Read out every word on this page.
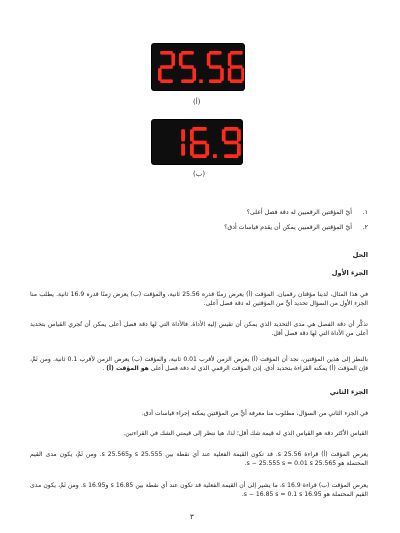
(أ)
(ب)
١. أيّ المؤقتين الرقميين له دقة فصل أعلى؟
٢. أيّ المؤقتين الرقميين يمكن أن يقدم قياسات أدق؟
الحل
الجزء الأول
في هذا المثال، لدينا مؤقتان رقميان. المؤقت (أ) يعرض زمنًا قدره 25.56 ثانية، والمؤقت (ب) يعرض زمنًا قدره 16.9 ثانية. يطلب منا الجزء الأول من السؤال تحديد أيٍّ من المؤقتين له دقة فصل أعلى.
تذكَّر أن دقة الفصل هي مدى التحديد الذي يمكن أن تقيس إليه الأداة. فالأداة التي لها دقة فصل أعلى يمكن أن تُجري القياس بتحديد أعلى من الأداة التي لها دقة فصل أقل.
بالنظر إلى هذين المؤقتين، نجد أن المؤقت (أ) يعرض الزمن لأقرب 0.01 ثانية، والمؤقت (ب) يعرض الزمن لأقرب 0.1 ثانية. ومن ثَمَّ، فإن المؤقت (أ) يمكنه القراءة بتحديد أدق. إذن المؤقت الرقمي الذي له دقة فصل أعلى هو المؤقت (أ) .
الجزء الثاني
في الجزء الثاني من السؤال، مطلوب منا معرفة أيٍّ من المؤقتين يمكنه إجراء قياسات أدق.
القياس الأكثر دقة هو القياس الذي له قيمة شك أقل؛ لذا، هيا ننظر إلى قيمتي الشك في القراءتين.
يعرض المؤقت (أ) قراءة 25.56 s. قد تكون القيمة الفعلية عند أي نقطة بين 25.555 s و25.565 s. ومن ثَمَّ، يكون مدى القيم المحتملة هو 25.565 s − 25.555 s = 0.01 s.
يعرض المؤقت (ب) قراءة 16.9 s، ما يشير إلى أن القيمة الفعلية قد تكون عند أي نقطة بين 16.85 s و16.95 s. ومن ثَمَّ، يكون مدى القيم المحتملة هو 16.95 s − 16.85 s = 0.1 s.
٣
